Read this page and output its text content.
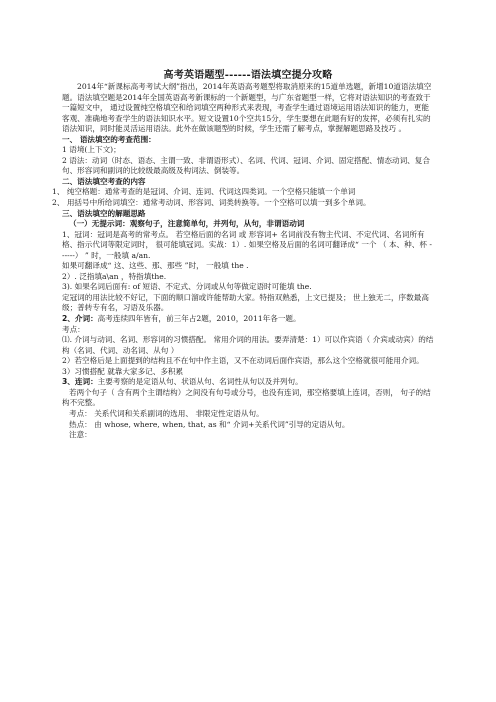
高考英语题型------语法填空提分攻略

2014年“新课标高考考试大纲”指出，2014年英语高考题型将取消原来的15道单选题，新增10道语法填空题。语法填空题是2014年全国英语高考新课标的一个新题型，与广东省题型一样，它将对语法知识的考查致于一篇短文中， 通过设置纯空格填空和给词填空两种形式来表现，考查学生通过语境运用语法知识的能力，更能客观、准确地考查学生的语法知识水平。短文设置10个空共15分，学生要想在此题有好的发挥，必须有扎实的语法知识，同时能灵活运用语法。此外在做该题型的时候，学生还需了解考点，掌握解题思路及技巧 。

一、 语法填空的考查范围：

1 语境(上下文)；

2 语法：动词（时态、语态、主谓一致、非谓语形式）、名词、代词、冠词、介词、固定搭配、情态动词、复合句、形容词和副词的比较级最高级及构词法、倒装等。

二、语法填空考查的内容

1、 纯空格题：通常考查的是冠词、介词、连词、代词这四类词。一个空格只能填一个单词

2、 用括号中所给词填空：通常考动词、形容词、词类转换等。一个空格可以填一到多个单词。

三、语法填空的解题思路

（一）无提示词：观察句子，注意简单句，并列句，从句，非谓语动词

1、冠词：冠词是高考的常考点。 若空格后面的名词 或 形容词+ 名词前没有物主代词、不定代词、名词所有格、指示代词等限定词时， 很可能填冠词。实战：1）. 如果空格及后面的名词可翻译成“ 一个 （ 本、种、杯 ------） ” 时，一般填 a/an.

如果可翻译成“ 这、这些、那、那些 ”时， 一般填 the .

2）. 泛指填a\an ，特指填the.

3). 如果名词后面有: of 短语、不定式、分词或从句等做定语时可能填 the.

定冠词的用法比较不好记，下面的顺口溜或许能帮助大家。特指双熟悉，上文已提及； 世上独无二，序数最高级；普转专有名，习语及乐器。

2、介词：高考连续四年皆有，前三年占2题，2010，2011年各一题。

考点：

⑴. 介词与动词、名词、形容词的习惯搭配。 常用介词的用法。要弄清楚：1）可以作宾语（ 介宾或动宾）的结构（名词、代词、动名词、从句 ）

2）若空格后是上面提到的结构且不在句中作主语，又不在动词后面作宾语，那么这个空格就很可能用介词。

3）习惯搭配 就靠大家多记、多积累

3、连词：主要考察的是定语从句、状语从句、名词性从句以及并列句。

若两个句子（ 含有两个主谓结构）之间没有句号或分号，也没有连词，那空格要填上连词，否则， 句子的结构不完整。

考点： 关系代词和关系副词的选用、 非限定性定语从句。

热点： 由 whose, where, when, that, as 和“ 介词+关系代词”引导的定语从句。

注意：
